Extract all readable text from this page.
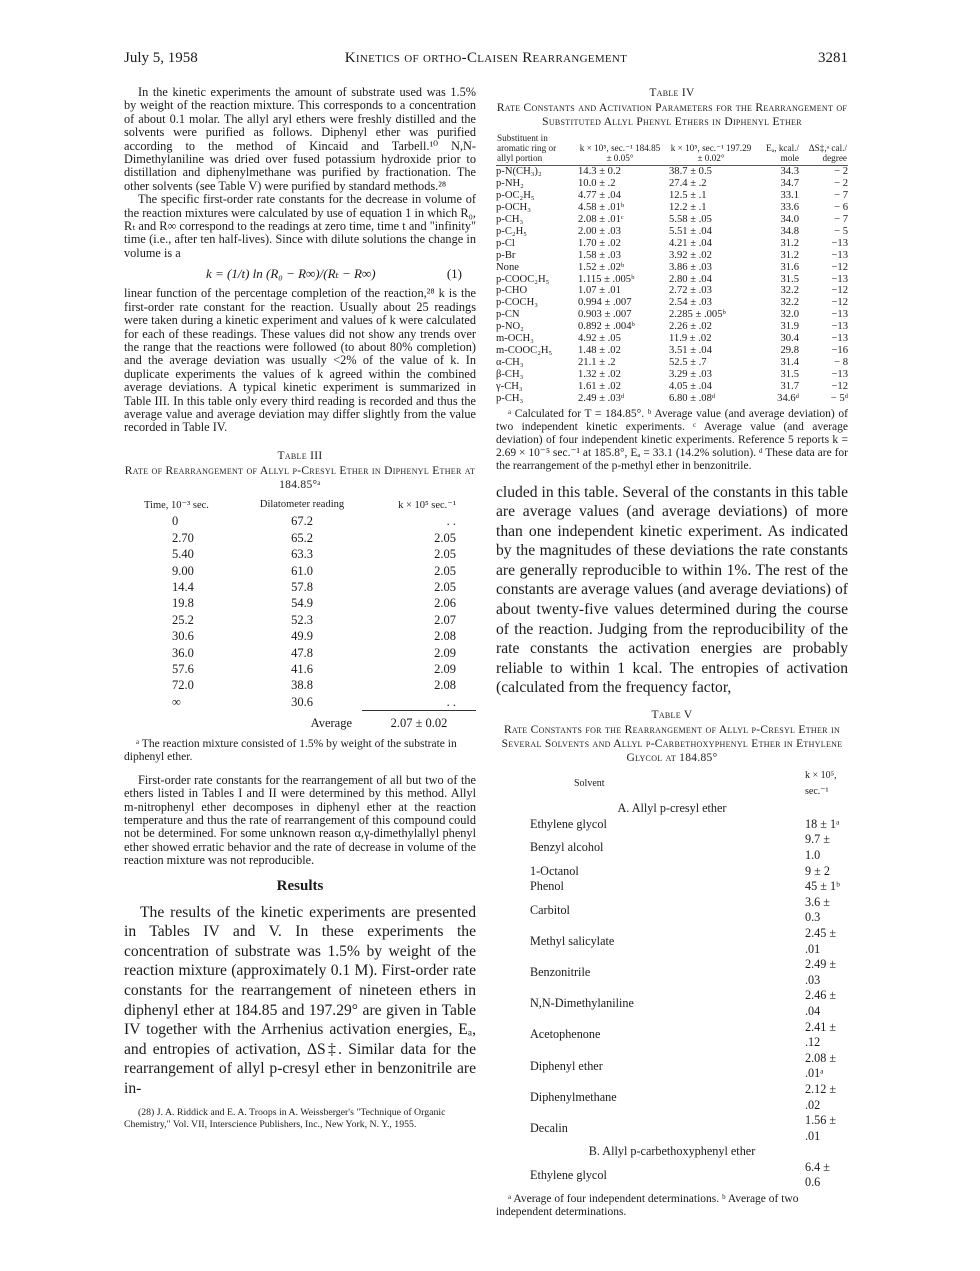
July 5, 1958	Kinetics of ortho-Claisen Rearrangement	3281

In the kinetic experiments the amount of substrate used was 1.5% by weight of the reaction mixture. This corresponds to a concentration of about 0.1 molar. The allyl aryl ethers were freshly distilled and the solvents were purified as follows. Diphenyl ether was purified according to the method of Kincaid and Tarbell.¹⁰ N,N-Dimethylaniline was dried over fused potassium hydroxide prior to distillation and diphenylmethane was purified by fractionation. The other solvents (see Table V) were purified by standard methods.²⁸

The specific first-order rate constants for the decrease in volume of the reaction mixtures were calculated by use of equation 1 in which R₀, Rₜ and R∞ correspond to the readings at zero time, time t and "infinity" time (i.e., after ten half-lives). Since with dilute solutions the change in volume is a

k = (1/t) ln (R₀ − R∞)/(Rₜ − R∞)	(1)

linear function of the percentage completion of the reaction,²⁸ k is the first-order rate constant for the reaction. Usually about 25 readings were taken during a kinetic experiment and values of k were calculated for each of these readings. These values did not show any trends over the range that the reactions were followed (to about 80% completion) and the average deviation was usually <2% of the value of k. In duplicate experiments the values of k agreed within the combined average deviations. A typical kinetic experiment is summarized in Table III. In this table only every third reading is recorded and thus the average value and average deviation may differ slightly from the value recorded in Table IV.

Table III
Rate of Rearrangement of Allyl p-Cresyl Ether in Diphenyl Ether at 184.85°ᵃ
Time, 10⁻³ sec.	Dilatometer reading	k × 10⁵ sec.⁻¹
0	67.2	. .
2.70	65.2	2.05
5.40	63.3	2.05
9.00	61.0	2.05
14.4	57.8	2.05
19.8	54.9	2.06
25.2	52.3	2.07
30.6	49.9	2.08
36.0	47.8	2.09
57.6	41.6	2.09
72.0	38.8	2.08
∞	30.6	. .
	Average	2.07 ± 0.02
ᵃ The reaction mixture consisted of 1.5% by weight of the substrate in diphenyl ether.

First-order rate constants for the rearrangement of all but two of the ethers listed in Tables I and II were determined by this method. Allyl m-nitrophenyl ether decomposes in diphenyl ether at the reaction temperature and thus the rate of rearrangement of this compound could not be determined. For some unknown reason α,γ-dimethylallyl phenyl ether showed erratic behavior and the rate of decrease in volume of the reaction mixture was not reproducible.

Results

The results of the kinetic experiments are presented in Tables IV and V. In these experiments the concentration of substrate was 1.5% by weight of the reaction mixture (approximately 0.1 M). First-order rate constants for the rearrangement of nineteen ethers in diphenyl ether at 184.85 and 197.29° are given in Table IV together with the Arrhenius activation energies, Eₐ, and entropies of activation, ΔS‡. Similar data for the rearrangement of allyl p-cresyl ether in benzonitrile are in-

(28) J. A. Riddick and E. A. Troops in A. Weissberger's "Technique of Organic Chemistry," Vol. VII, Interscience Publishers, Inc., New York, N. Y., 1955.
Table IV
Rate Constants and Activation Parameters for the Rearrangement of Substituted Allyl Phenyl Ethers in Diphenyl Ether
Substituent in aromatic ring or allyl portion	k × 10⁵, sec.⁻¹ 184.85 ± 0.05°	k × 10⁵, sec.⁻¹ 197.29 ± 0.02°	Eₐ, kcal./ mole	ΔS‡,ᵃ cal./ degree
p-N(CH₃)₂	14.3 ± 0.2	38.7 ± 0.5	34.3	− 2
p-NH₂	10.0 ± .2	27.4 ± .2	34.7	− 2
p-OC₂H₅	4.77 ± .04	12.5 ± .1	33.1	− 7
p-OCH₃	4.58 ± .01ᵇ	12.2 ± .1	33.6	− 6
p-CH₃	2.08 ± .01ᶜ	5.58 ± .05	34.0	− 7
p-C₂H₅	2.00 ± .03	5.51 ± .04	34.8	− 5
p-Cl	1.70 ± .02	4.21 ± .04	31.2	−13
p-Br	1.58 ± .03	3.92 ± .02	31.2	−13
None	1.52 ± .02ᵇ	3.86 ± .03	31.6	−12
p-COOC₂H₅	1.115 ± .005ᵇ	2.80 ± .04	31.5	−13
p-CHO	1.07 ± .01	2.72 ± .03	32.2	−12
p-COCH₃	0.994 ± .007	2.54 ± .03	32.2	−12
p-CN	0.903 ± .007	2.285 ± .005ᵇ	32.0	−13
p-NO₂	0.892 ± .004ᵇ	2.26 ± .02	31.9	−13
m-OCH₃	4.92 ± .05	11.9 ± .02	30.4	−13
m-COOC₂H₅	1.48 ± .02	3.51 ± .04	29.8	−16
α-CH₃	21.1 ± .2	52.5 ± .7	31.4	− 8
β-CH₃	1.32 ± .02	3.29 ± .03	31.5	−13
γ-CH₃	1.61 ± .02	4.05 ± .04	31.7	−12
p-CH₃	2.49 ± .03ᵈ	6.80 ± .08ᵈ	34.6ᵈ	− 5ᵈ
ᵃ Calculated for T = 184.85°. ᵇ Average value (and average deviation) of two independent kinetic experiments. ᶜ Average value (and average deviation) of four independent kinetic experiments. Reference 5 reports k = 2.69 × 10⁻⁵ sec.⁻¹ at 185.8°, Eₐ = 33.1 (14.2% solution). ᵈ These data are for the rearrangement of the p-methyl ether in benzonitrile.

cluded in this table. Several of the constants in this table are average values (and average deviations) of more than one independent kinetic experiment. As indicated by the magnitudes of these deviations the rate constants are generally reproducible to within 1%. The rest of the constants are average values (and average deviations) of about twenty-five values determined during the course of the reaction. Judging from the reproducibility of the rate constants the activation energies are probably reliable to within 1 kcal. The entropies of activation (calculated from the frequency factor,

Table V
Rate Constants for the Rearrangement of Allyl p-Cresyl Ether in Several Solvents and Allyl p-Carbethoxyphenyl Ether in Ethylene Glycol at 184.85°
Solvent	k × 10⁵, sec.⁻¹
A. Allyl p-cresyl ether	
Ethylene glycol	18 ± 1ᵃ
Benzyl alcohol	9.7 ± 1.0
1-Octanol	9 ± 2
Phenol	45 ± 1ᵇ
Carbitol	3.6 ± 0.3
Methyl salicylate	2.45 ± .01
Benzonitrile	2.49 ± .03
N,N-Dimethylaniline	2.46 ± .04
Acetophenone	2.41 ± .12
Diphenyl ether	2.08 ± .01ᵃ
Diphenylmethane	2.12 ± .02
Decalin	1.56 ± .01
B. Allyl p-carbethoxyphenyl ether	
Ethylene glycol	6.4 ± 0.6
ᵃ Average of four independent determinations. ᵇ Average of two independent determinations.
